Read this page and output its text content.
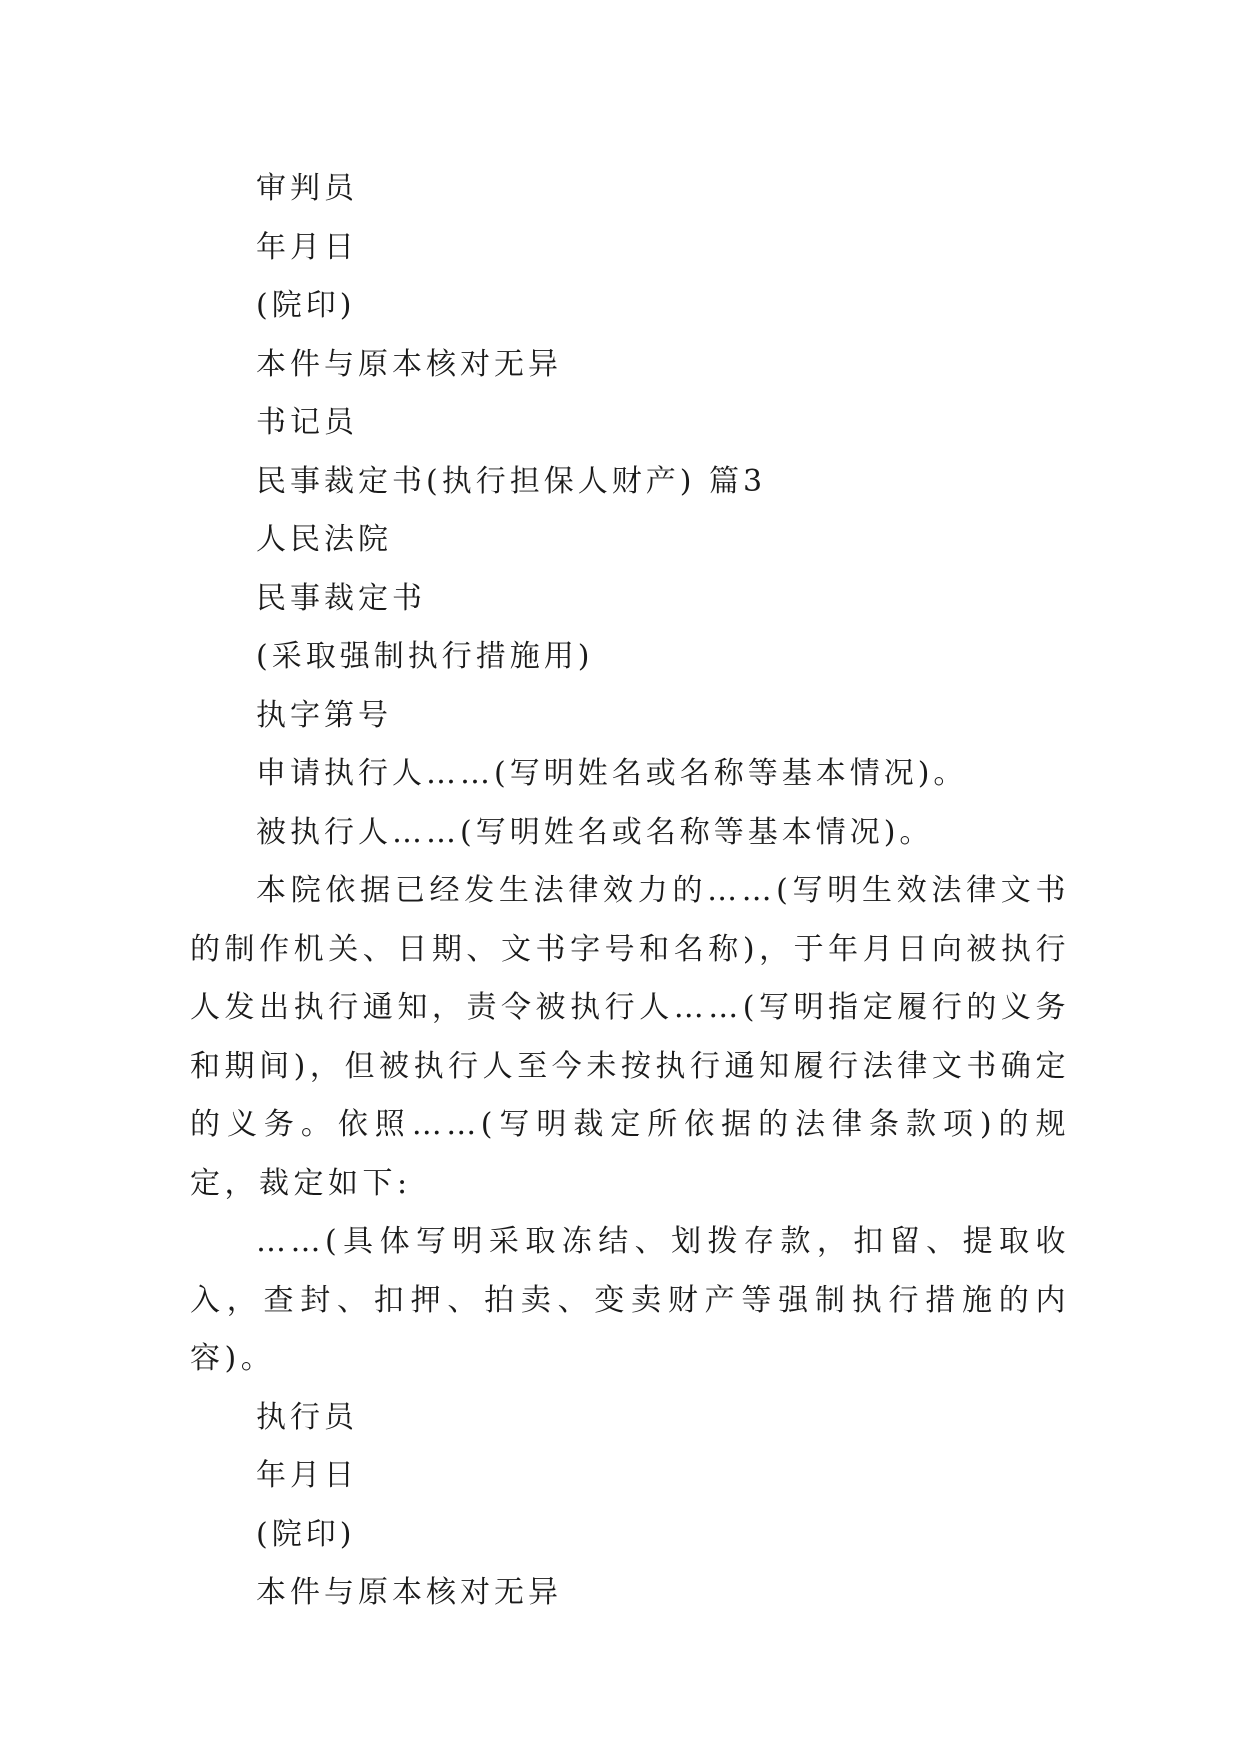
审判员
年月日
(院印)
本件与原本核对无异
书记员
民事裁定书(执行担保人财产) 篇3
人民法院
民事裁定书
(采取强制执行措施用)
执字第号
申请执行人……(写明姓名或名称等基本情况)。
被执行人……(写明姓名或名称等基本情况)。
本院依据已经发生法律效力的……(写明生效法律文书的制作机关、日期、文书字号和名称)，于年月日向被执行人发出执行通知，责令被执行人……(写明指定履行的义务和期间)，但被执行人至今未按执行通知履行法律文书确定的义务。依照……(写明裁定所依据的法律条款项)的规定，裁定如下:
……(具体写明采取冻结、划拨存款，扣留、提取收入，查封、扣押、拍卖、变卖财产等强制执行措施的内容)。
执行员
年月日
(院印)
本件与原本核对无异
